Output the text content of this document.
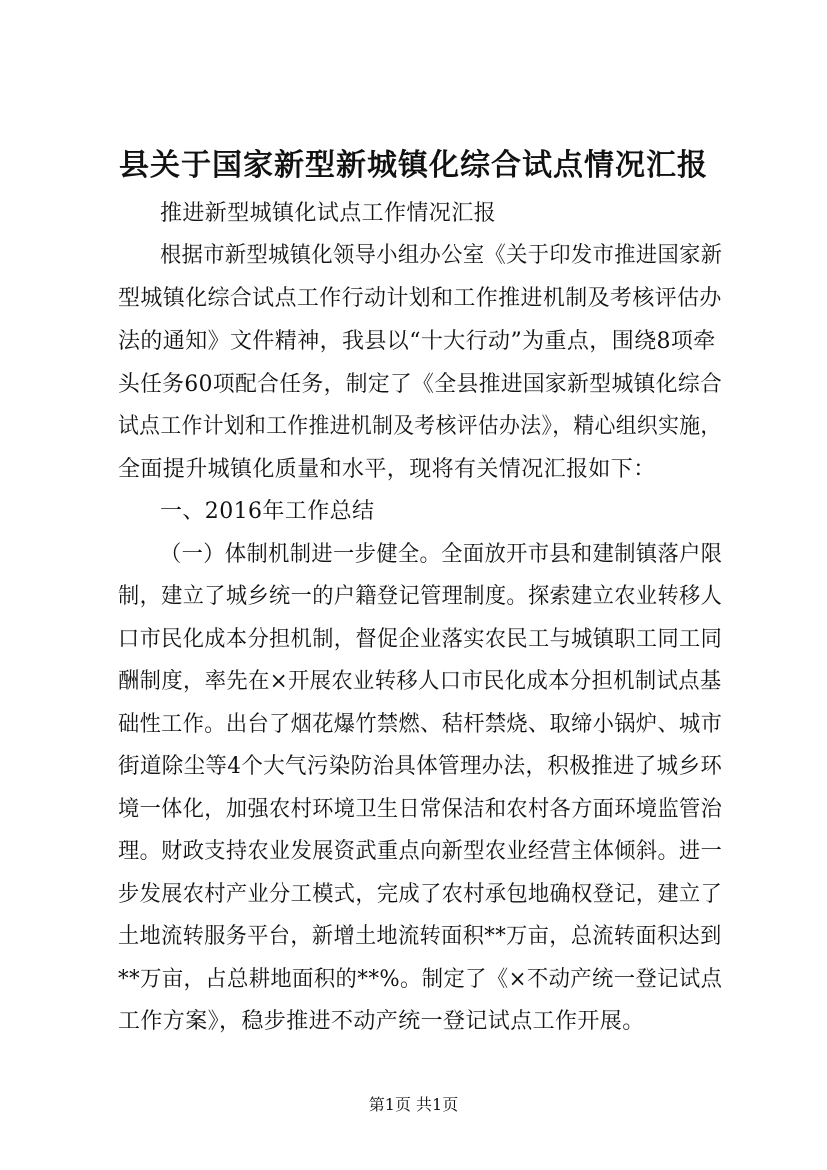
县关于国家新型新城镇化综合试点情况汇报
推进新型城镇化试点工作情况汇报
根据市新型城镇化领导小组办公室《关于印发市推进国家新
型城镇化综合试点工作行动计划和工作推进机制及考核评估办
法的通知》文件精神，我县以“十大行动”为重点，围绕8项牵
头任务60项配合任务，制定了《全县推进国家新型城镇化综合
试点工作计划和工作推进机制及考核评估办法》，精心组织实施，
全面提升城镇化质量和水平，现将有关情况汇报如下：
一、2016年工作总结
（一）体制机制进一步健全。全面放开市县和建制镇落户限
制，建立了城乡统一的户籍登记管理制度。探索建立农业转移人
口市民化成本分担机制，督促企业落实农民工与城镇职工同工同
酬制度，率先在×开展农业转移人口市民化成本分担机制试点基
础性工作。出台了烟花爆竹禁燃、秸杆禁烧、取缔小锅炉、城市
街道除尘等4个大气污染防治具体管理办法，积极推进了城乡环
境一体化，加强农村环境卫生日常保洁和农村各方面环境监管治
理。财政支持农业发展资武重点向新型农业经营主体倾斜。进一
步发展农村产业分工模式，完成了农村承包地确权登记，建立了
土地流转服务平台，新增土地流转面积**万亩，总流转面积达到
**万亩，占总耕地面积的**%。制定了《×不动产统一登记试点
工作方案》，稳步推进不动产统一登记试点工作开展。
第1页 共1页
